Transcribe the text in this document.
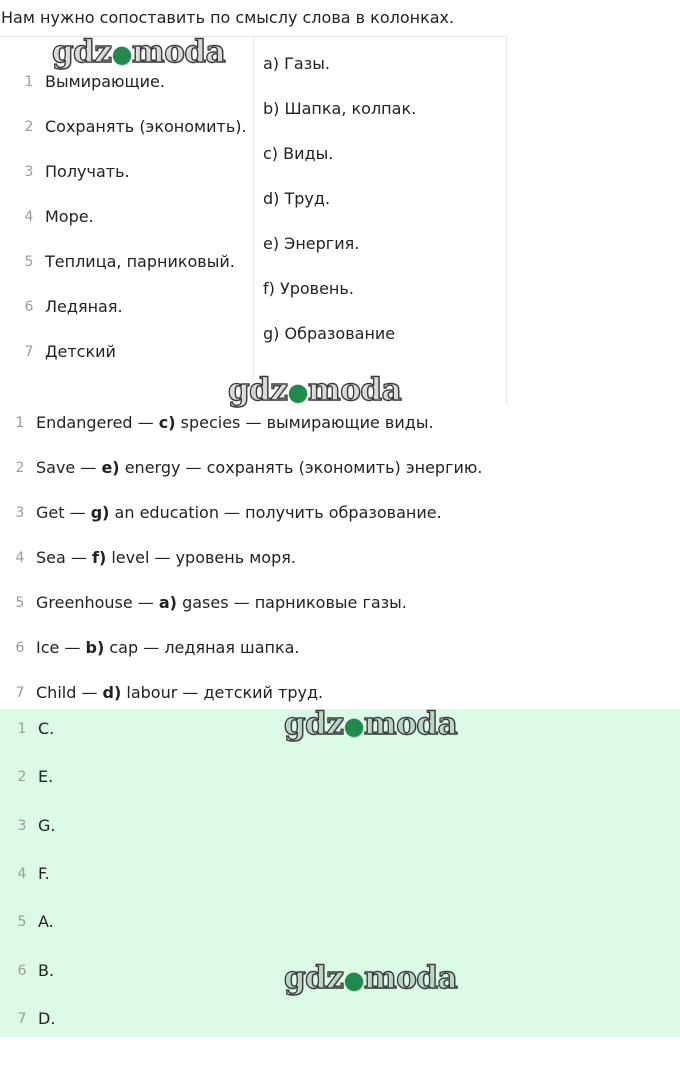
Нам нужно сопоставить по смыслу слова в колонках.
1 Вымирающие.
2 Сохранять (экономить).
3 Получать.
4 Море.
5 Теплица, парниковый.
6 Ледяная.
7 Детский
a) Газы.
b) Шапка, колпак.
c) Виды.
d) Труд.
e) Энергия.
f) Уровень.
g) Образование
1 Endangered — c) species — вымирающие виды.
2 Save — e) energy — сохранять (экономить) энергию.
3 Get — g) an education — получить образование.
4 Sea — f) level — уровень моря.
5 Greenhouse — a) gases — парниковые газы.
6 Ice — b) cap — ледяная шапка.
7 Child — d) labour — детский труд.
1 C.
2 E.
3 G.
4 F.
5 A.
6 B.
7 D.
gdz●moda
gdz●moda
●
●
